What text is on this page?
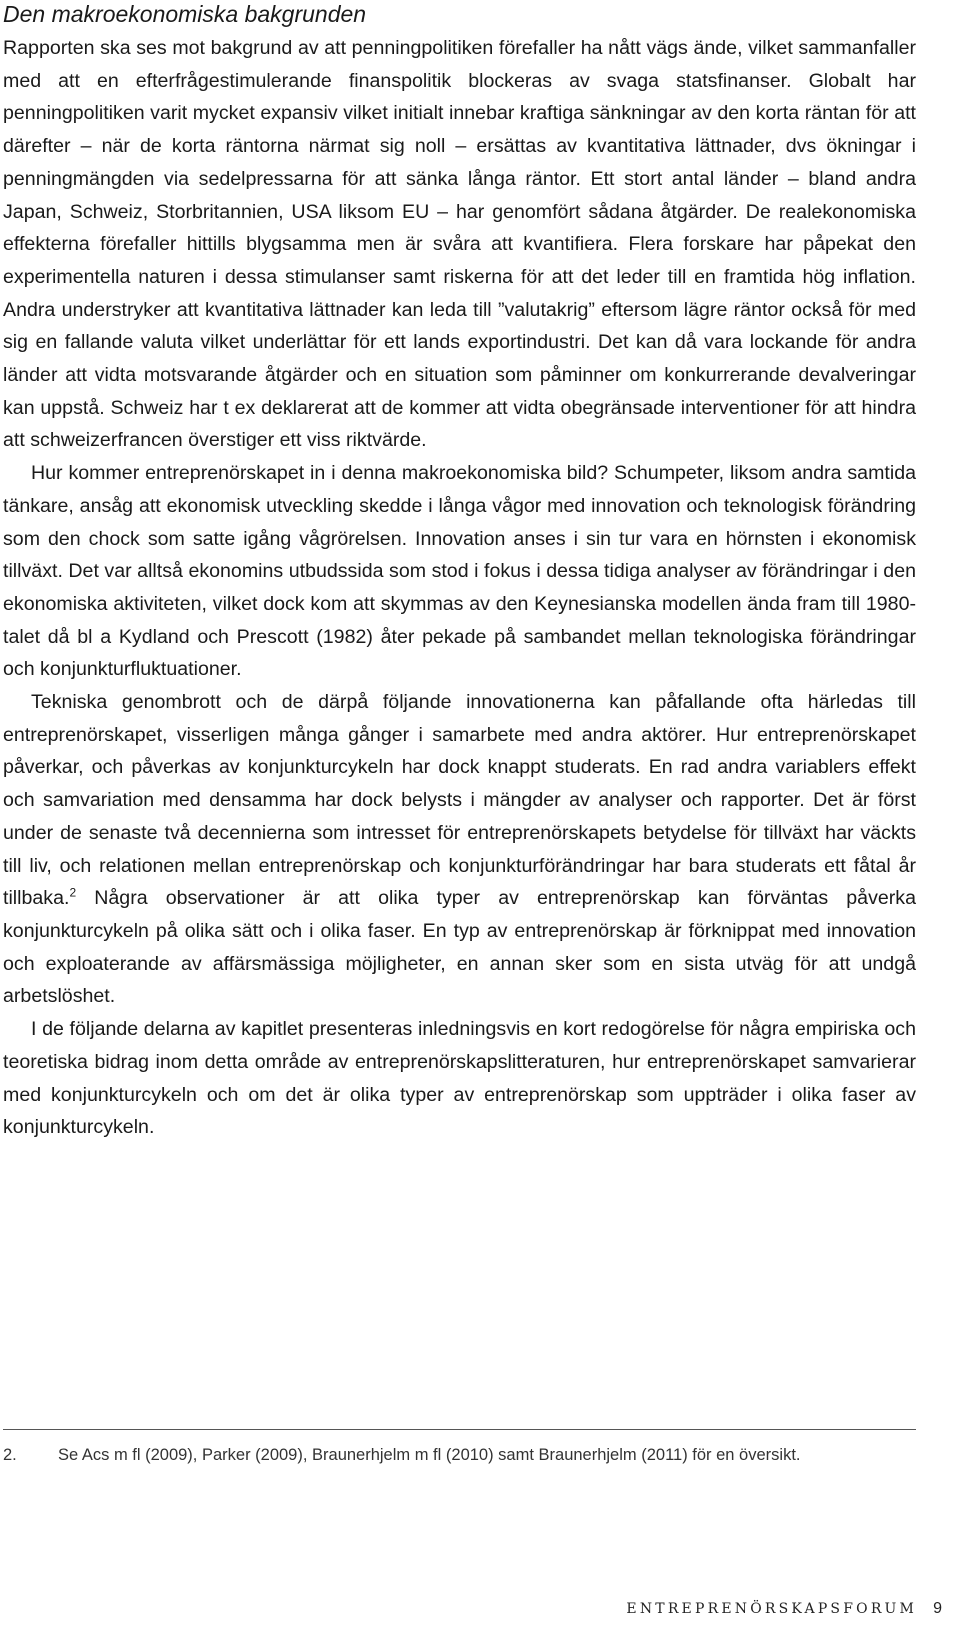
Den makroekonomiska bakgrunden

Rapporten ska ses mot bakgrund av att penningpolitiken förefaller ha nått vägs ände, vilket sammanfaller med att en efterfrågestimulerande finanspolitik blockeras av svaga statsfinanser. Globalt har penningpolitiken varit mycket expansiv vilket initialt innebar kraftiga sänkningar av den korta räntan för att därefter – när de korta räntorna närmat sig noll – ersättas av kvantitativa lättnader, dvs ökningar i penningmängden via sedelpressarna för att sänka långa räntor. Ett stort antal länder – bland andra Japan, Schweiz, Storbritannien, USA liksom EU – har genomfört sådana åtgärder. De realekonomiska effekterna förefaller hittills blygsamma men är svåra att kvantifiera. Flera forskare har påpekat den experimentella naturen i dessa stimulanser samt riskerna för att det leder till en framtida hög inflation. Andra understryker att kvantitativa lättnader kan leda till ”valutakrig” eftersom lägre räntor också för med sig en fallande valuta vilket underlättar för ett lands exportindustri. Det kan då vara lockande för andra länder att vidta motsvarande åtgärder och en situation som påminner om konkurrerande devalveringar kan uppstå. Schweiz har t ex deklarerat att de kommer att vidta obegränsade interventioner för att hindra att schweizerfrancen överstiger ett viss riktvärde.

Hur kommer entreprenörskapet in i denna makroekonomiska bild? Schumpeter, liksom andra samtida tänkare, ansåg att ekonomisk utveckling skedde i långa vågor med innovation och teknologisk förändring som den chock som satte igång vågrörelsen. Innovation anses i sin tur vara en hörnsten i ekonomisk tillväxt. Det var alltså ekonomins utbudssida som stod i fokus i dessa tidiga analyser av förändringar i den ekonomiska aktiviteten, vilket dock kom att skymmas av den Keynesianska modellen ända fram till 1980-talet då bl a Kydland och Prescott (1982) åter pekade på sambandet mellan teknologiska förändringar och konjunkturfluktuationer.

Tekniska genombrott och de därpå följande innovationerna kan påfallande ofta härledas till entreprenörskapet, visserligen många gånger i samarbete med andra aktörer. Hur entreprenörskapet påverkar, och påverkas av konjunkturcykeln har dock knappt studerats. En rad andra variablers effekt och samvariation med densamma har dock belysts i mängder av analyser och rapporter. Det är först under de senaste två decennierna som intresset för entreprenörskapets betydelse för tillväxt har väckts till liv, och relationen mellan entreprenörskap och konjunkturförändringar har bara studerats ett fåtal år tillbaka.$^2$ Några observationer är att olika typer av entreprenörskap kan förväntas påverka konjunkturcykeln på olika sätt och i olika faser. En typ av entreprenörskap är förknippat med innovation och exploaterande av affärsmässiga möjligheter, en annan sker som en sista utväg för att undgå arbetslöshet.

I de följande delarna av kapitlet presenteras inledningsvis en kort redogörelse för några empiriska och teoretiska bidrag inom detta område av entreprenörskapslitteraturen, hur entreprenörskapet samvarierar med konjunkturcykeln och om det är olika typer av entreprenörskap som uppträder i olika faser av konjunkturcykeln.

2.	Se Acs m fl (2009), Parker (2009), Braunerhjelm m fl (2010) samt Braunerhjelm (2011) för en översikt.
ENTREPRENÖRSKAPSFORUM 9
